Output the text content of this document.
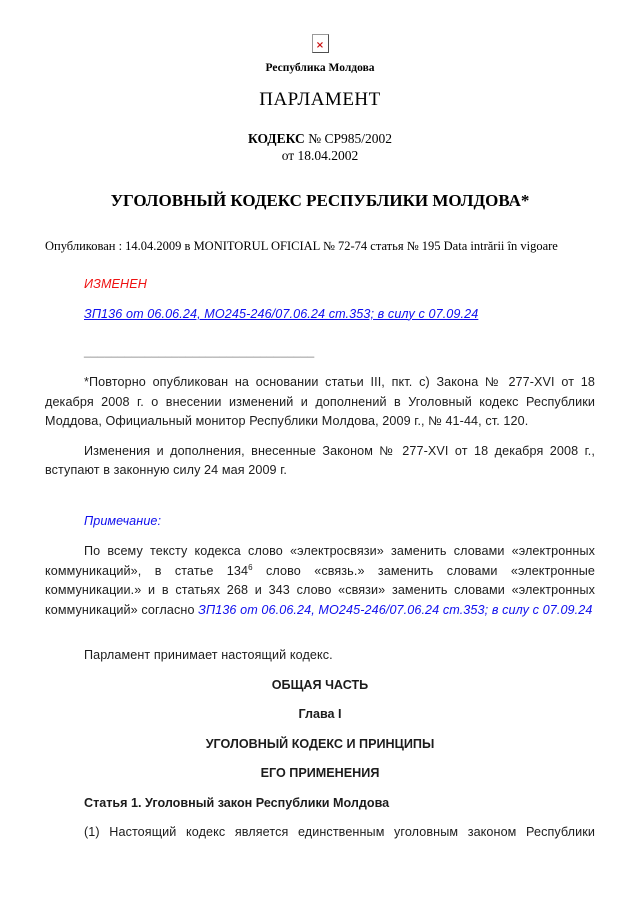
×

Республика Молдова

ПАРЛАМЕНТ

КОДЕКС № CP985/2002

от 18.04.2002

УГОЛОВНЫЙ КОДЕКС РЕСПУБЛИКИ МОЛДОВА*

Опубликован : 14.04.2009 в MONITORUL OFICIAL № 72-74 статья № 195 Data intrării în vigoare

ИЗМЕНЕН

ЗП136 от 06.06.24, МО245-246/07.06.24 ст.353; в силу с 07.09.24

__________________________________

*Повторно опубликован на основании статьи III, пкт. c) Закона № 277-XVI от 18 декабря 2008 г. о внесении изменений и дополнений в Уголовный кодекс Республики Моддова, Официальный монитор Республики Молдова, 2009 г., № 41-44, ст. 120.

Изменения и дополнения, внесенные Законом № 277-XVI от 18 декабря 2008 г., вступают в законную силу 24 мая 2009 г.

Примечание:

По всему тексту кодекса слово «электросвязи» заменить словами «электронных коммуникаций», в статье $134^6$ слово «связь.» заменить словами «электронные коммуникации.» и в статьях 268 и 343 слово «связи» заменить словами «электронных коммуникаций» согласно ЗП136 от 06.06.24, МО245-246/07.06.24 ст.353; в силу с 07.09.24

Парламент принимает настоящий кодекс.

ОБЩАЯ ЧАСТЬ

Глава I

УГОЛОВНЫЙ КОДЕКС И ПРИНЦИПЫ

ЕГО ПРИМЕНЕНИЯ

Статья 1. Уголовный закон Республики Молдова

(1) Настоящий кодекс является единственным уголовным законом Республики
